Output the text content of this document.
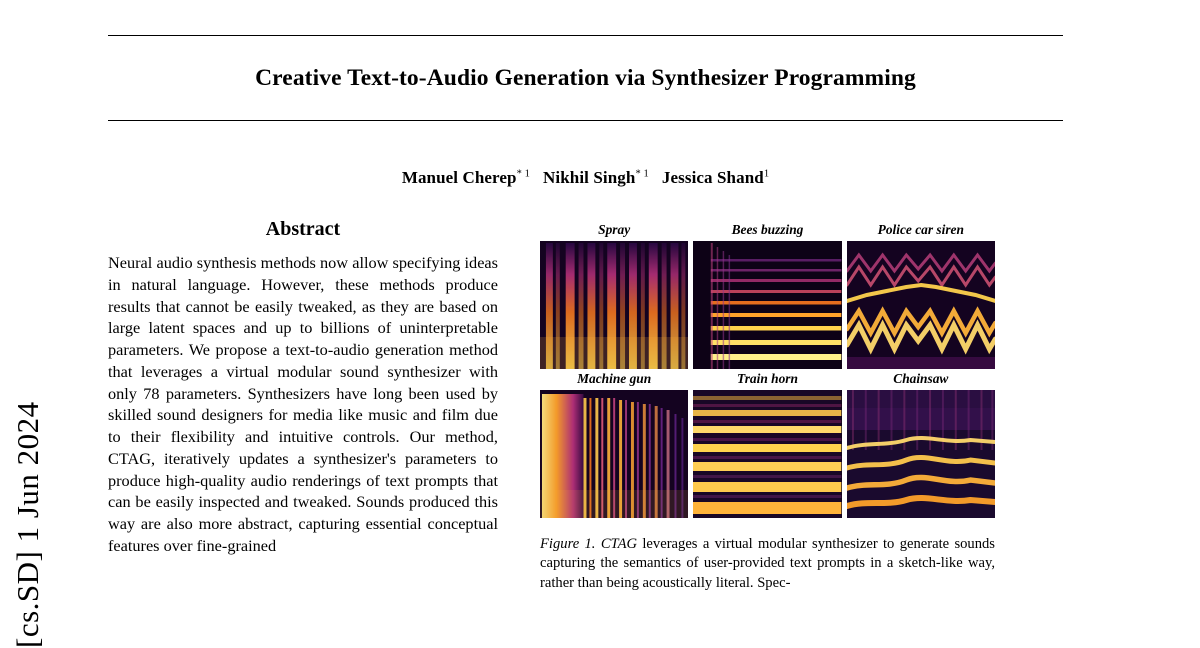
[cs.SD] 1 Jun 2024
Creative Text-to-Audio Generation via Synthesizer Programming
Manuel Cherep$^{* 1}$ Nikhil Singh$^{* 1}$ Jessica Shand$^1$
Abstract
Neural audio synthesis methods now allow specifying ideas in natural language. However, these methods produce results that cannot be easily tweaked, as they are based on large latent spaces and up to billions of uninterpretable parameters. We propose a text-to-audio generation method that leverages a virtual modular sound synthesizer with only 78 parameters. Synthesizers have long been used by skilled sound designers for media like music and film due to their flexibility and intuitive controls. Our method, CTAG, iteratively updates a synthesizer's parameters to produce high-quality audio renderings of text prompts that can be easily inspected and tweaked. Sounds produced this way are also more abstract, capturing essential conceptual features over fine-grained
Spray	Bees buzzing	Police car siren
Machine gun	Train horn	Chainsaw
Figure 1. CTAG leverages a virtual modular synthesizer to generate sounds capturing the semantics of user-provided text prompts in a sketch-like way, rather than being acoustically literal. Spec-
